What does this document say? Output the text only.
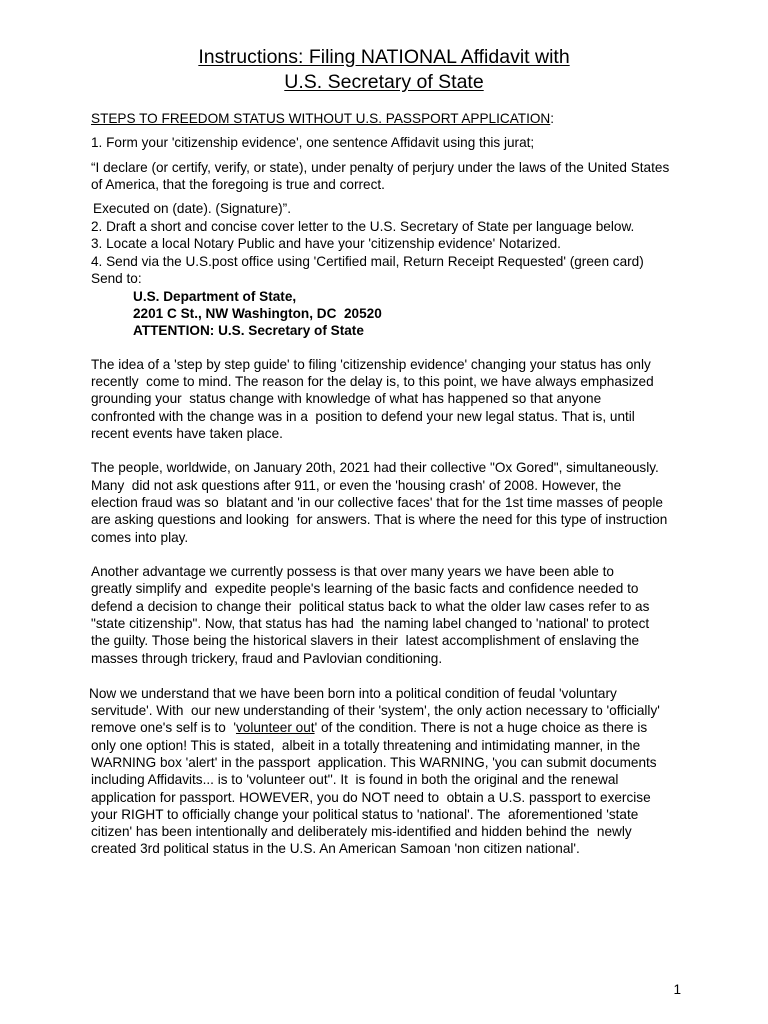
Instructions: Filing NATIONAL Affidavit with
U.S. Secretary of State
STEPS TO FREEDOM STATUS WITHOUT U.S. PASSPORT APPLICATION:
1. Form your 'citizenship evidence', one sentence Affidavit using this jurat;
“I declare (or certify, verify, or state), under penalty of perjury under the laws of the United States
of America, that the foregoing is true and correct.
Executed on (date). (Signature)”.
2. Draft a short and concise cover letter to the U.S. Secretary of State per language below.
3. Locate a local Notary Public and have your 'citizenship evidence' Notarized.
4. Send via the U.S.post office using 'Certified mail, Return Receipt Requested' (green card)
Send to:
U.S. Department of State,
2201 C St., NW Washington, DC  20520
ATTENTION: U.S. Secretary of State
The idea of a 'step by step guide' to filing 'citizenship evidence' changing your status has only
recently  come to mind. The reason for the delay is, to this point, we have always emphasized
grounding your  status change with knowledge of what has happened so that anyone
confronted with the change was in a  position to defend your new legal status. That is, until
recent events have taken place.
The people, worldwide, on January 20th, 2021 had their collective "Ox Gored", simultaneously.
Many  did not ask questions after 911, or even the 'housing crash' of 2008. However, the
election fraud was so  blatant and 'in our collective faces' that for the 1st time masses of people
are asking questions and looking  for answers. That is where the need for this type of instruction
comes into play.
Another advantage we currently possess is that over many years we have been able to
greatly simplify and  expedite people's learning of the basic facts and confidence needed to
defend a decision to change their  political status back to what the older law cases refer to as
"state citizenship". Now, that status has had  the naming label changed to 'national' to protect
the guilty. Those being the historical slavers in their  latest accomplishment of enslaving the
masses through trickery, fraud and Pavlovian conditioning.
Now we understand that we have been born into a political condition of feudal 'voluntary
servitude'. With  our new understanding of their 'system', the only action necessary to 'officially'
remove one's self is to  'volunteer out' of the condition. There is not a huge choice as there is
only one option! This is stated,  albeit in a totally threatening and intimidating manner, in the
WARNING box 'alert' in the passport  application. This WARNING, 'you can submit documents
including Affidavits... is to 'volunteer out''. It  is found in both the original and the renewal
application for passport. HOWEVER, you do NOT need to  obtain a U.S. passport to exercise
your RIGHT to officially change your political status to 'national'. The  aforementioned 'state
citizen' has been intentionally and deliberately mis-identified and hidden behind the  newly
created 3rd political status in the U.S. An American Samoan 'non citizen national'.
1
